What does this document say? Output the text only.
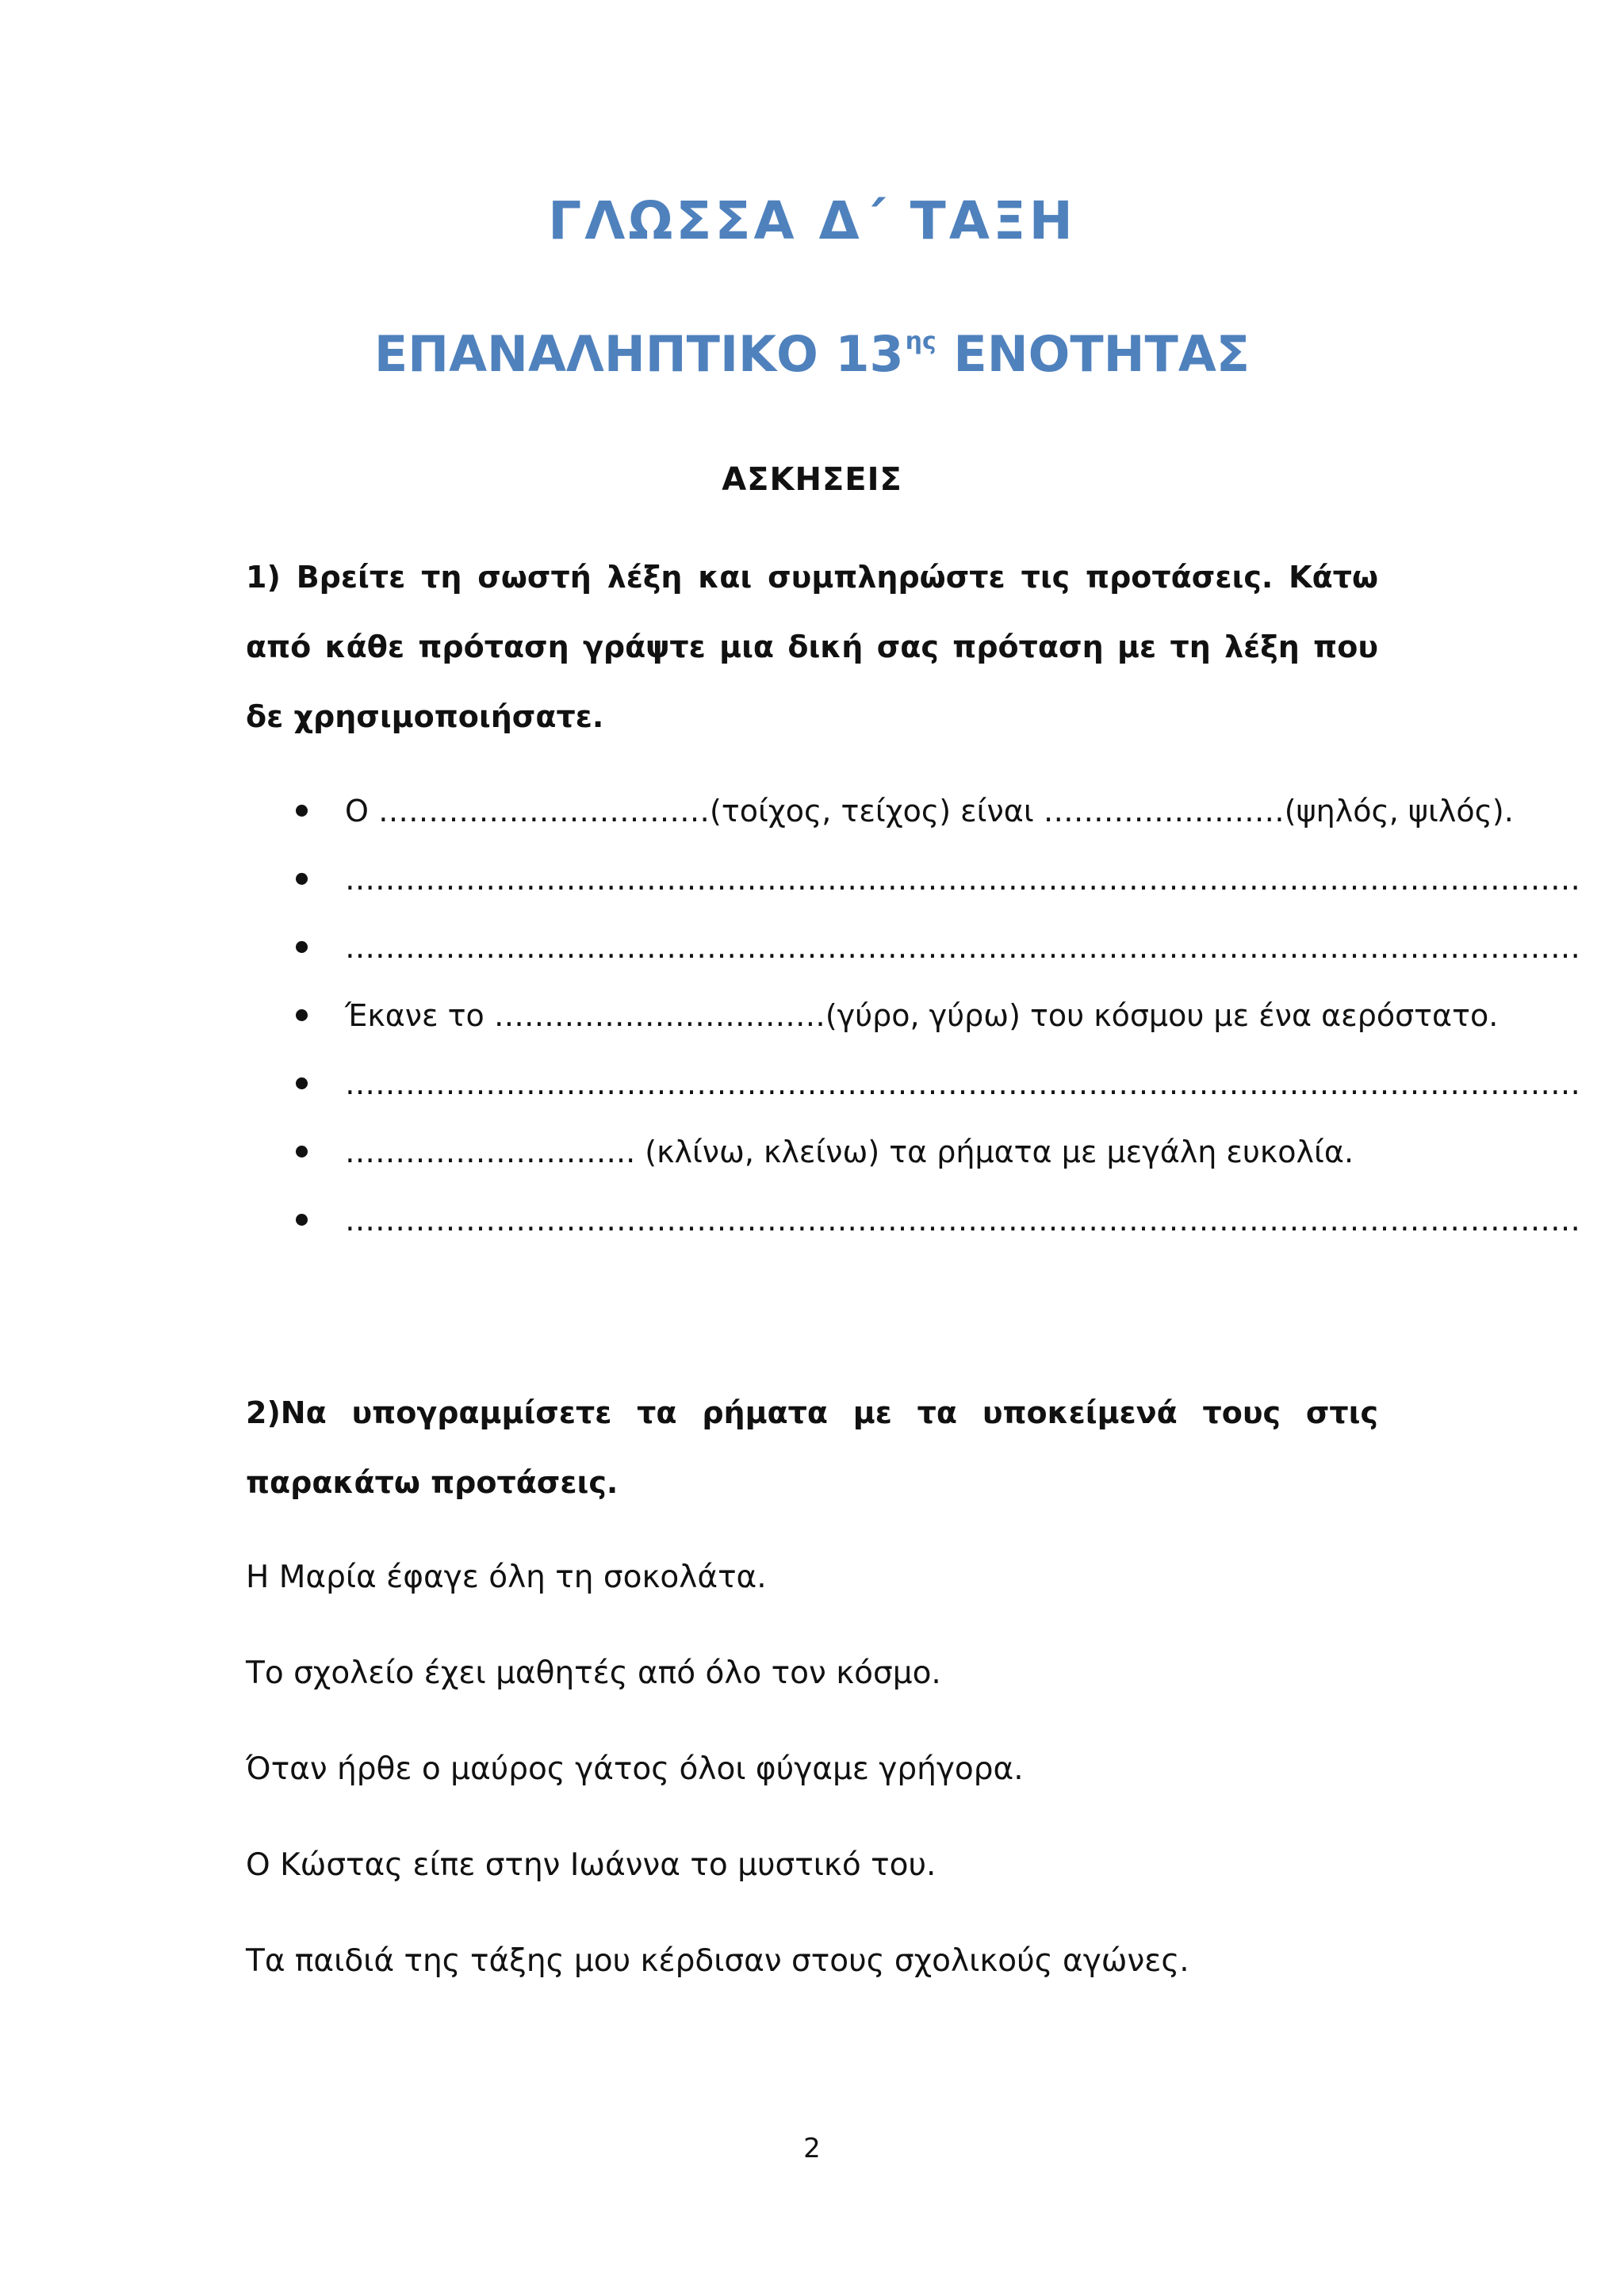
ΓΛΩΣΣΑ Δ΄ ΤΑΞΗ
ΕΠΑΝΑΛΗΠΤΙΚΟ $13^{\eta\varsigma}$ ΕΝΟΤΗΤΑΣ
ΑΣΚΗΣΕΙΣ

1) Βρείτε τη σωστή λέξη και συμπληρώστε τις προτάσεις. Κάτω από κάθε πρόταση γράψτε μια δική σας πρόταση με τη λέξη που δε χρησιμοποιήσατε.

Ο ……………………………(τοίχος, τείχος) είναι ……………………(ψηλός, ψιλός).
……………………………………………………………………………………………………………
……………………………………………………………………………………………………………
Έκανε το ……………………………(γύρο, γύρω) του κόσμου με ένα αερόστατο.
……………………………………………………………………………………………………………
……………………….. (κλίνω, κλείνω) τα ρήματα με μεγάλη ευκολία.
……………………………………………………………………………………………………………

2)Να υπογραμμίσετε τα ρήματα με τα υποκείμενά τους στις παρακάτω προτάσεις.

Η Μαρία έφαγε όλη τη σοκολάτα.
Το σχολείο έχει μαθητές από όλο τον κόσμο.
Όταν ήρθε ο μαύρος γάτος όλοι φύγαμε γρήγορα.
Ο Κώστας είπε στην Ιωάννα το μυστικό του.
Τα παιδιά της τάξης μου κέρδισαν στους σχολικούς αγώνες.

2
